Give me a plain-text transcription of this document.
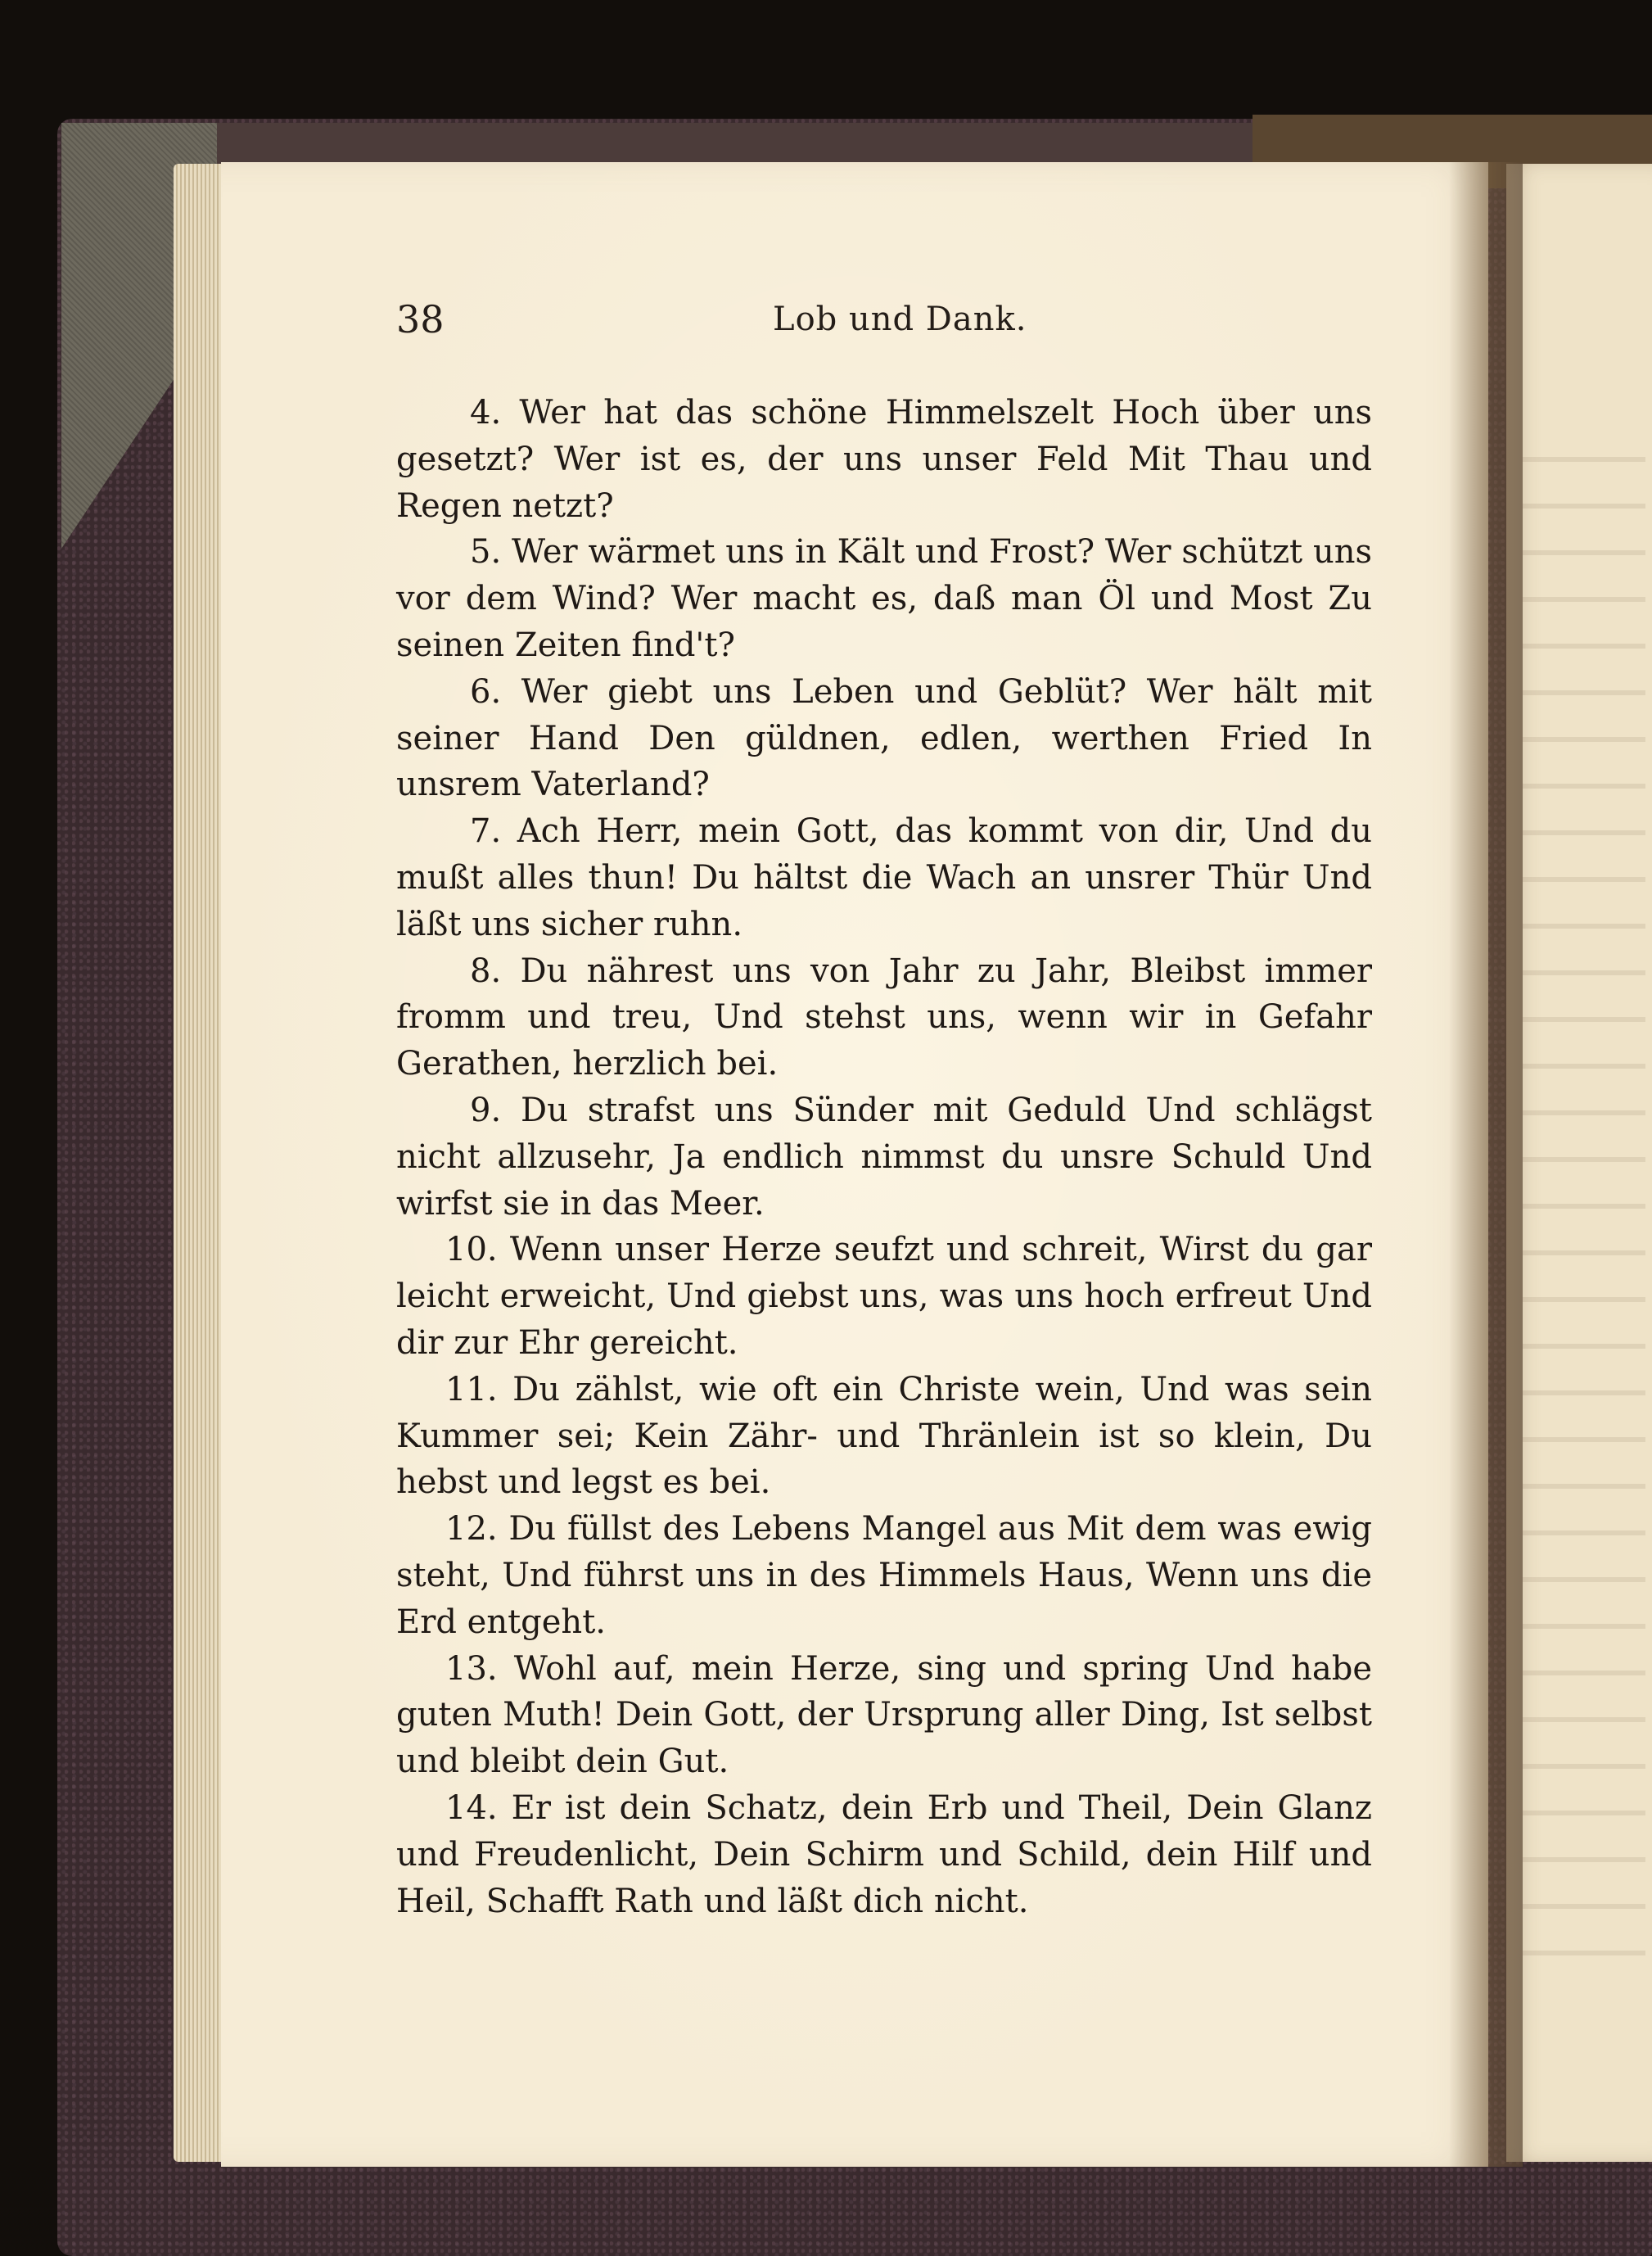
38	Lob und Dank.

4. Wer hat das schöne Himmelszelt Hoch über uns gesetzt? Wer ist es, der uns unser Feld Mit Thau und Regen netzt?

5. Wer wärmet uns in Kält und Frost? Wer schützt uns vor dem Wind? Wer macht es, daß man Öl und Most Zu seinen Zeiten find't?

6. Wer giebt uns Leben und Geblüt? Wer hält mit seiner Hand Den güldnen, edlen, werthen Fried In unsrem Vaterland?

7. Ach Herr, mein Gott, das kommt von dir, Und du mußt alles thun! Du hältst die Wach an unsrer Thür Und läßt uns sicher ruhn.

8. Du nährest uns von Jahr zu Jahr, Bleibst immer fromm und treu, Und stehst uns, wenn wir in Gefahr Gerathen, herzlich bei.

9. Du strafst uns Sünder mit Geduld Und schlägst nicht allzusehr, Ja endlich nimmst du unsre Schuld Und wirfst sie in das Meer.

10. Wenn unser Herze seufzt und schreit, Wirst du gar leicht erweicht, Und giebst uns, was uns hoch erfreut Und dir zur Ehr gereicht.

11. Du zählst, wie oft ein Christe wein, Und was sein Kummer sei; Kein Zähr- und Thränlein ist so klein, Du hebst und legst es bei.

12. Du füllst des Lebens Mangel aus Mit dem was ewig steht, Und führst uns in des Himmels Haus, Wenn uns die Erd entgeht.

13. Wohl auf, mein Herze, sing und spring Und habe guten Muth! Dein Gott, der Ursprung aller Ding, Ist selbst und bleibt dein Gut.

14. Er ist dein Schatz, dein Erb und Theil, Dein Glanz und Freudenlicht, Dein Schirm und Schild, dein Hilf und Heil, Schafft Rath und läßt dich nicht.
